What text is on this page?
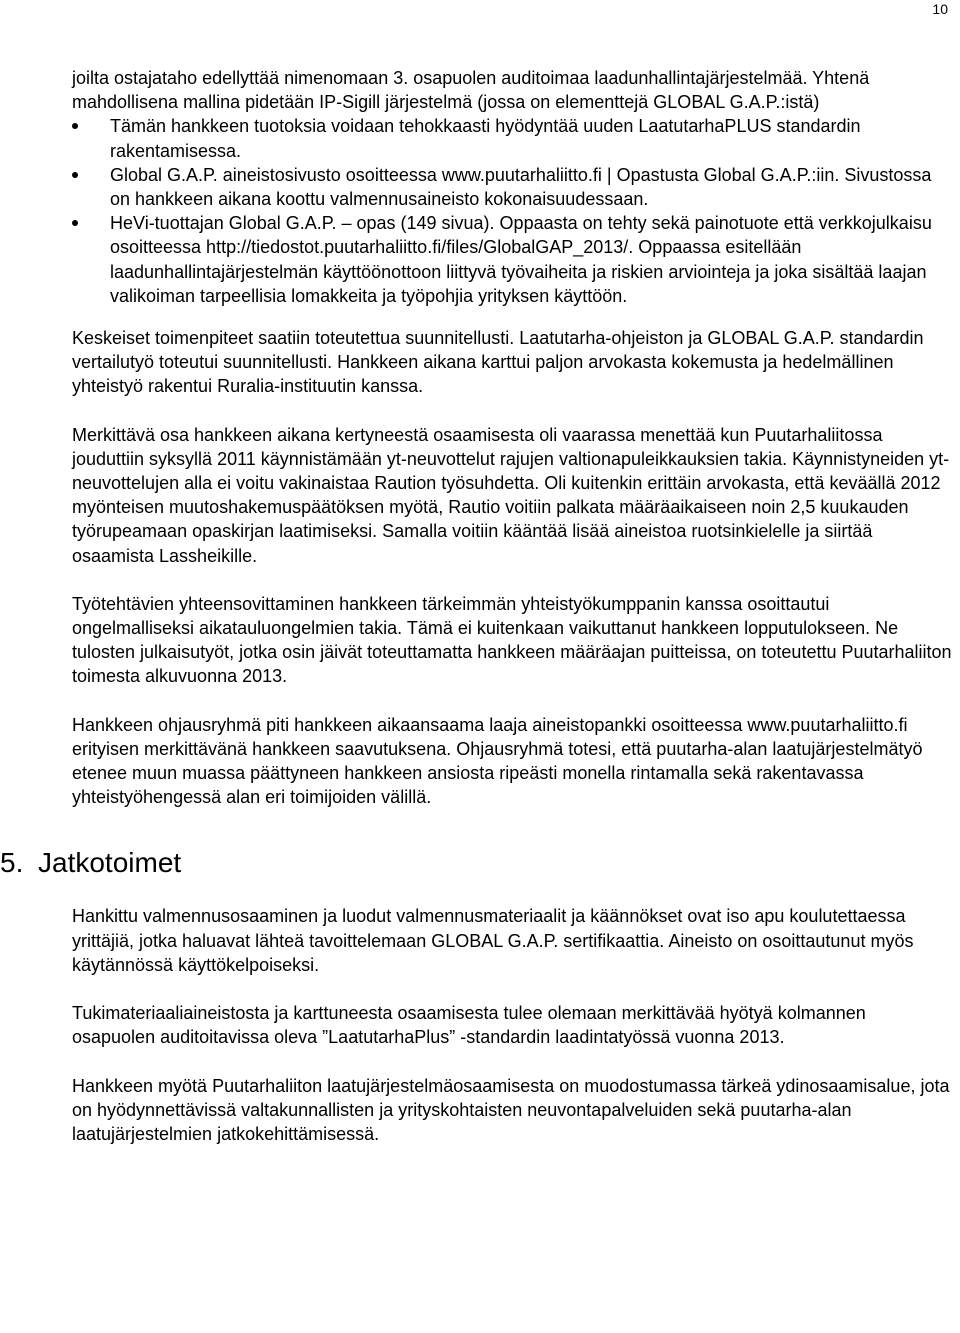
10

joilta ostajataho edellyttää nimenomaan 3. osapuolen auditoimaa laadunhallintajärjestelmää. Yhtenä mahdollisena mallina pidetään IP-Sigill järjestelmä (jossa on elementtejä GLOBAL G.A.P.:istä)

Tämän hankkeen tuotoksia voidaan tehokkaasti hyödyntää uuden LaatutarhaPLUS standardin rakentamisessa.
Global G.A.P. aineistosivusto osoitteessa www.puutarhaliitto.fi | Opastusta Global G.A.P.:iin. Sivustossa on hankkeen aikana koottu valmennusaineisto kokonaisuudessaan.
HeVi-tuottajan Global G.A.P. – opas (149 sivua). Oppaasta on tehty sekä painotuote että verkkojulkaisu osoitteessa http://tiedostot.puutarhaliitto.fi/files/GlobalGAP_2013/. Oppaassa esitellään laadunhallintajärjestelmän käyttöönottoon liittyvä työvaiheita ja riskien arviointeja ja joka sisältää laajan valikoiman tarpeellisia lomakkeita ja työpohjia yrityksen käyttöön.

Keskeiset toimenpiteet saatiin toteutettua suunnitellusti. Laatutarha-ohjeiston ja GLOBAL G.A.P. standardin vertailutyö toteutui suunnitellusti. Hankkeen aikana karttui paljon arvokasta kokemusta ja hedelmällinen yhteistyö rakentui Ruralia-instituutin kanssa.

Merkittävä osa hankkeen aikana kertyneestä osaamisesta oli vaarassa menettää kun Puutarhaliitossa jouduttiin syksyllä 2011 käynnistämään yt-neuvottelut rajujen valtionapuleikkauksien takia. Käynnistyneiden yt-neuvottelujen alla ei voitu vakinaistaa Raution työsuhdetta. Oli kuitenkin erittäin arvokasta, että keväällä 2012 myönteisen muutoshakemuspäätöksen myötä, Rautio voitiin palkata määräaikaiseen noin 2,5 kuukauden työrupeamaan opaskirjan laatimiseksi. Samalla voitiin kääntää lisää aineistoa ruotsinkielelle ja siirtää osaamista Lassheikille.

Työtehtävien yhteensovittaminen hankkeen tärkeimmän yhteistyökumppanin kanssa osoittautui ongelmalliseksi aikatauluongelmien takia. Tämä ei kuitenkaan vaikuttanut hankkeen lopputulokseen. Ne tulosten julkaisutyöt, jotka osin jäivät toteuttamatta hankkeen määräajan puitteissa, on toteutettu Puutarhaliiton toimesta alkuvuonna 2013.

Hankkeen ohjausryhmä piti hankkeen aikaansaama laaja aineistopankki osoitteessa www.puutarhaliitto.fi erityisen merkittävänä hankkeen saavutuksena. Ohjausryhmä totesi, että puutarha-alan laatujärjestelmätyö etenee muun muassa päättyneen hankkeen ansiosta ripeästi monella rintamalla sekä rakentavassa yhteistyöhengessä alan eri toimijoiden välillä.

5. Jatkotoimet

Hankittu valmennusosaaminen ja luodut valmennusmateriaalit ja käännökset ovat iso apu koulutettaessa yrittäjiä, jotka haluavat lähteä tavoittelemaan GLOBAL G.A.P. sertifikaattia. Aineisto on osoittautunut myös käytännössä käyttökelpoiseksi.

Tukimateriaaliaineistosta ja karttuneesta osaamisesta tulee olemaan merkittävää hyötyä kolmannen osapuolen auditoitavissa oleva ”LaatutarhaPlus” -standardin laadintatyössä vuonna 2013.

Hankkeen myötä Puutarhaliiton laatujärjestelmäosaamisesta on muodostumassa tärkeä ydinosaamisalue, jota on hyödynnettävissä valtakunnallisten ja yrityskohtaisten neuvontapalveluiden sekä puutarha-alan laatujärjestelmien jatkokehittämisessä.
